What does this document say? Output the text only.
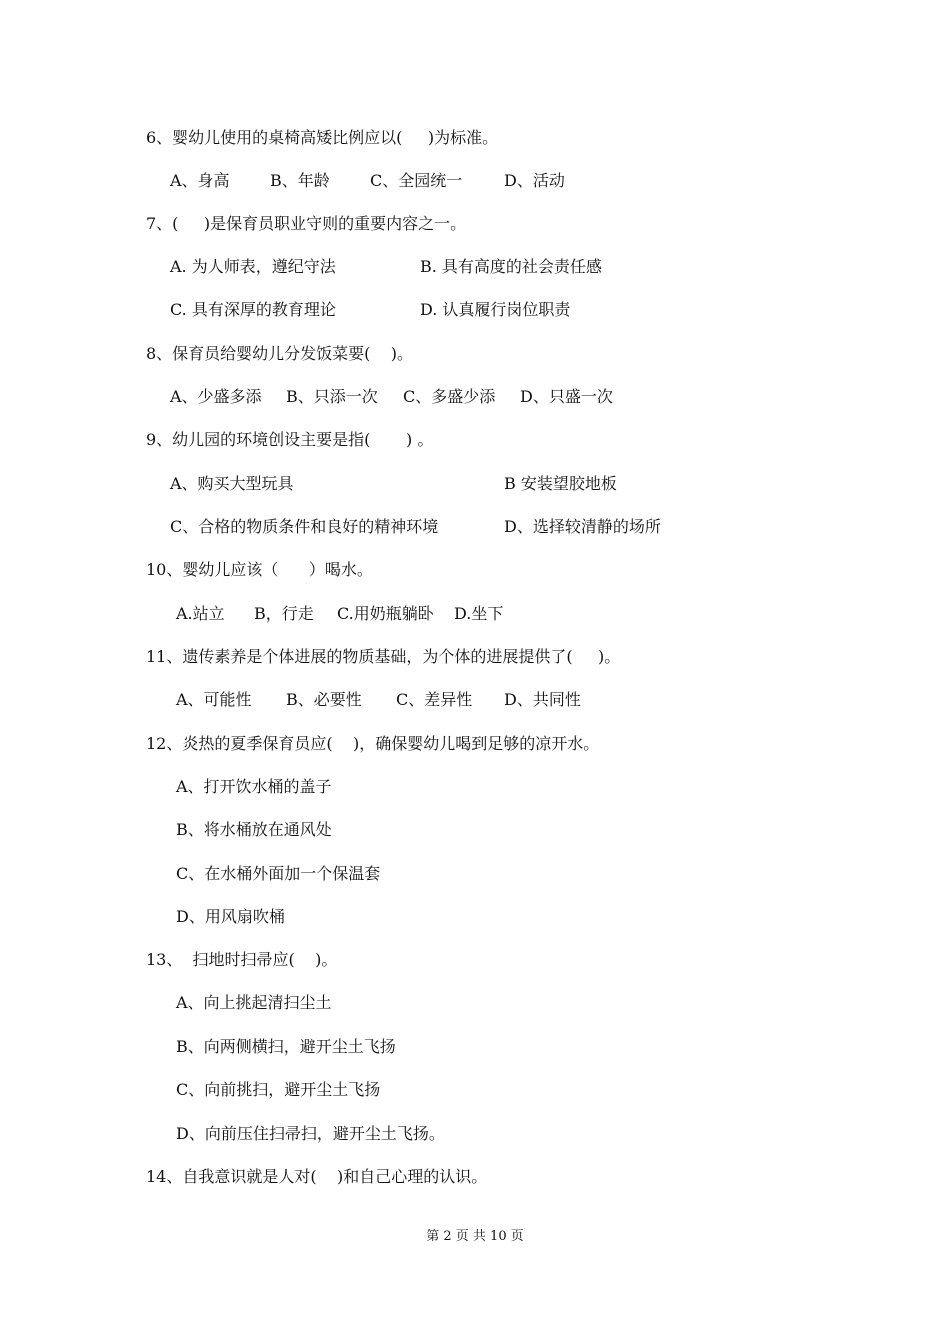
6、婴幼儿使用的桌椅高矮比例应以(     )为标准。
A、身高	B、年龄	C、全园统一	D、活动
7、(     )是保育员职业守则的重要内容之一。
A. 为人师表，遵纪守法	B. 具有高度的社会责任感
C. 具有深厚的教育理论	D. 认真履行岗位职责
8、保育员给婴幼儿分发饭菜要(    )。
A、少盛多添 B、只添一次 C、多盛少添 D、只盛一次
9、幼儿园的环境创设主要是指(       ) 。
A、购买大型玩具	B 安装望胶地板
C、合格的物质条件和良好的精神环境	D、选择较清静的场所
10、婴幼儿应该（      ）喝水。
A.站立 B，行走 C.用奶瓶躺卧 D.坐下
11、遗传素养是个体进展的物质基础，为个体的进展提供了(     )。
A、可能性 B、必要性 C、差异性 D、共同性
12、炎热的夏季保育员应(    )，确保婴幼儿喝到足够的凉开水。
A、打开饮水桶的盖子
B、将水桶放在通风处
C、在水桶外面加一个保温套
D、用风扇吹桶
13、  扫地时扫帚应(    )。
A、向上挑起清扫尘土
B、向两侧横扫，避开尘土飞扬
C、向前挑扫，避开尘土飞扬
D、向前压住扫帚扫，避开尘土飞扬。
14、自我意识就是人对(    )和自己心理的认识。
第 2 页 共 10 页
